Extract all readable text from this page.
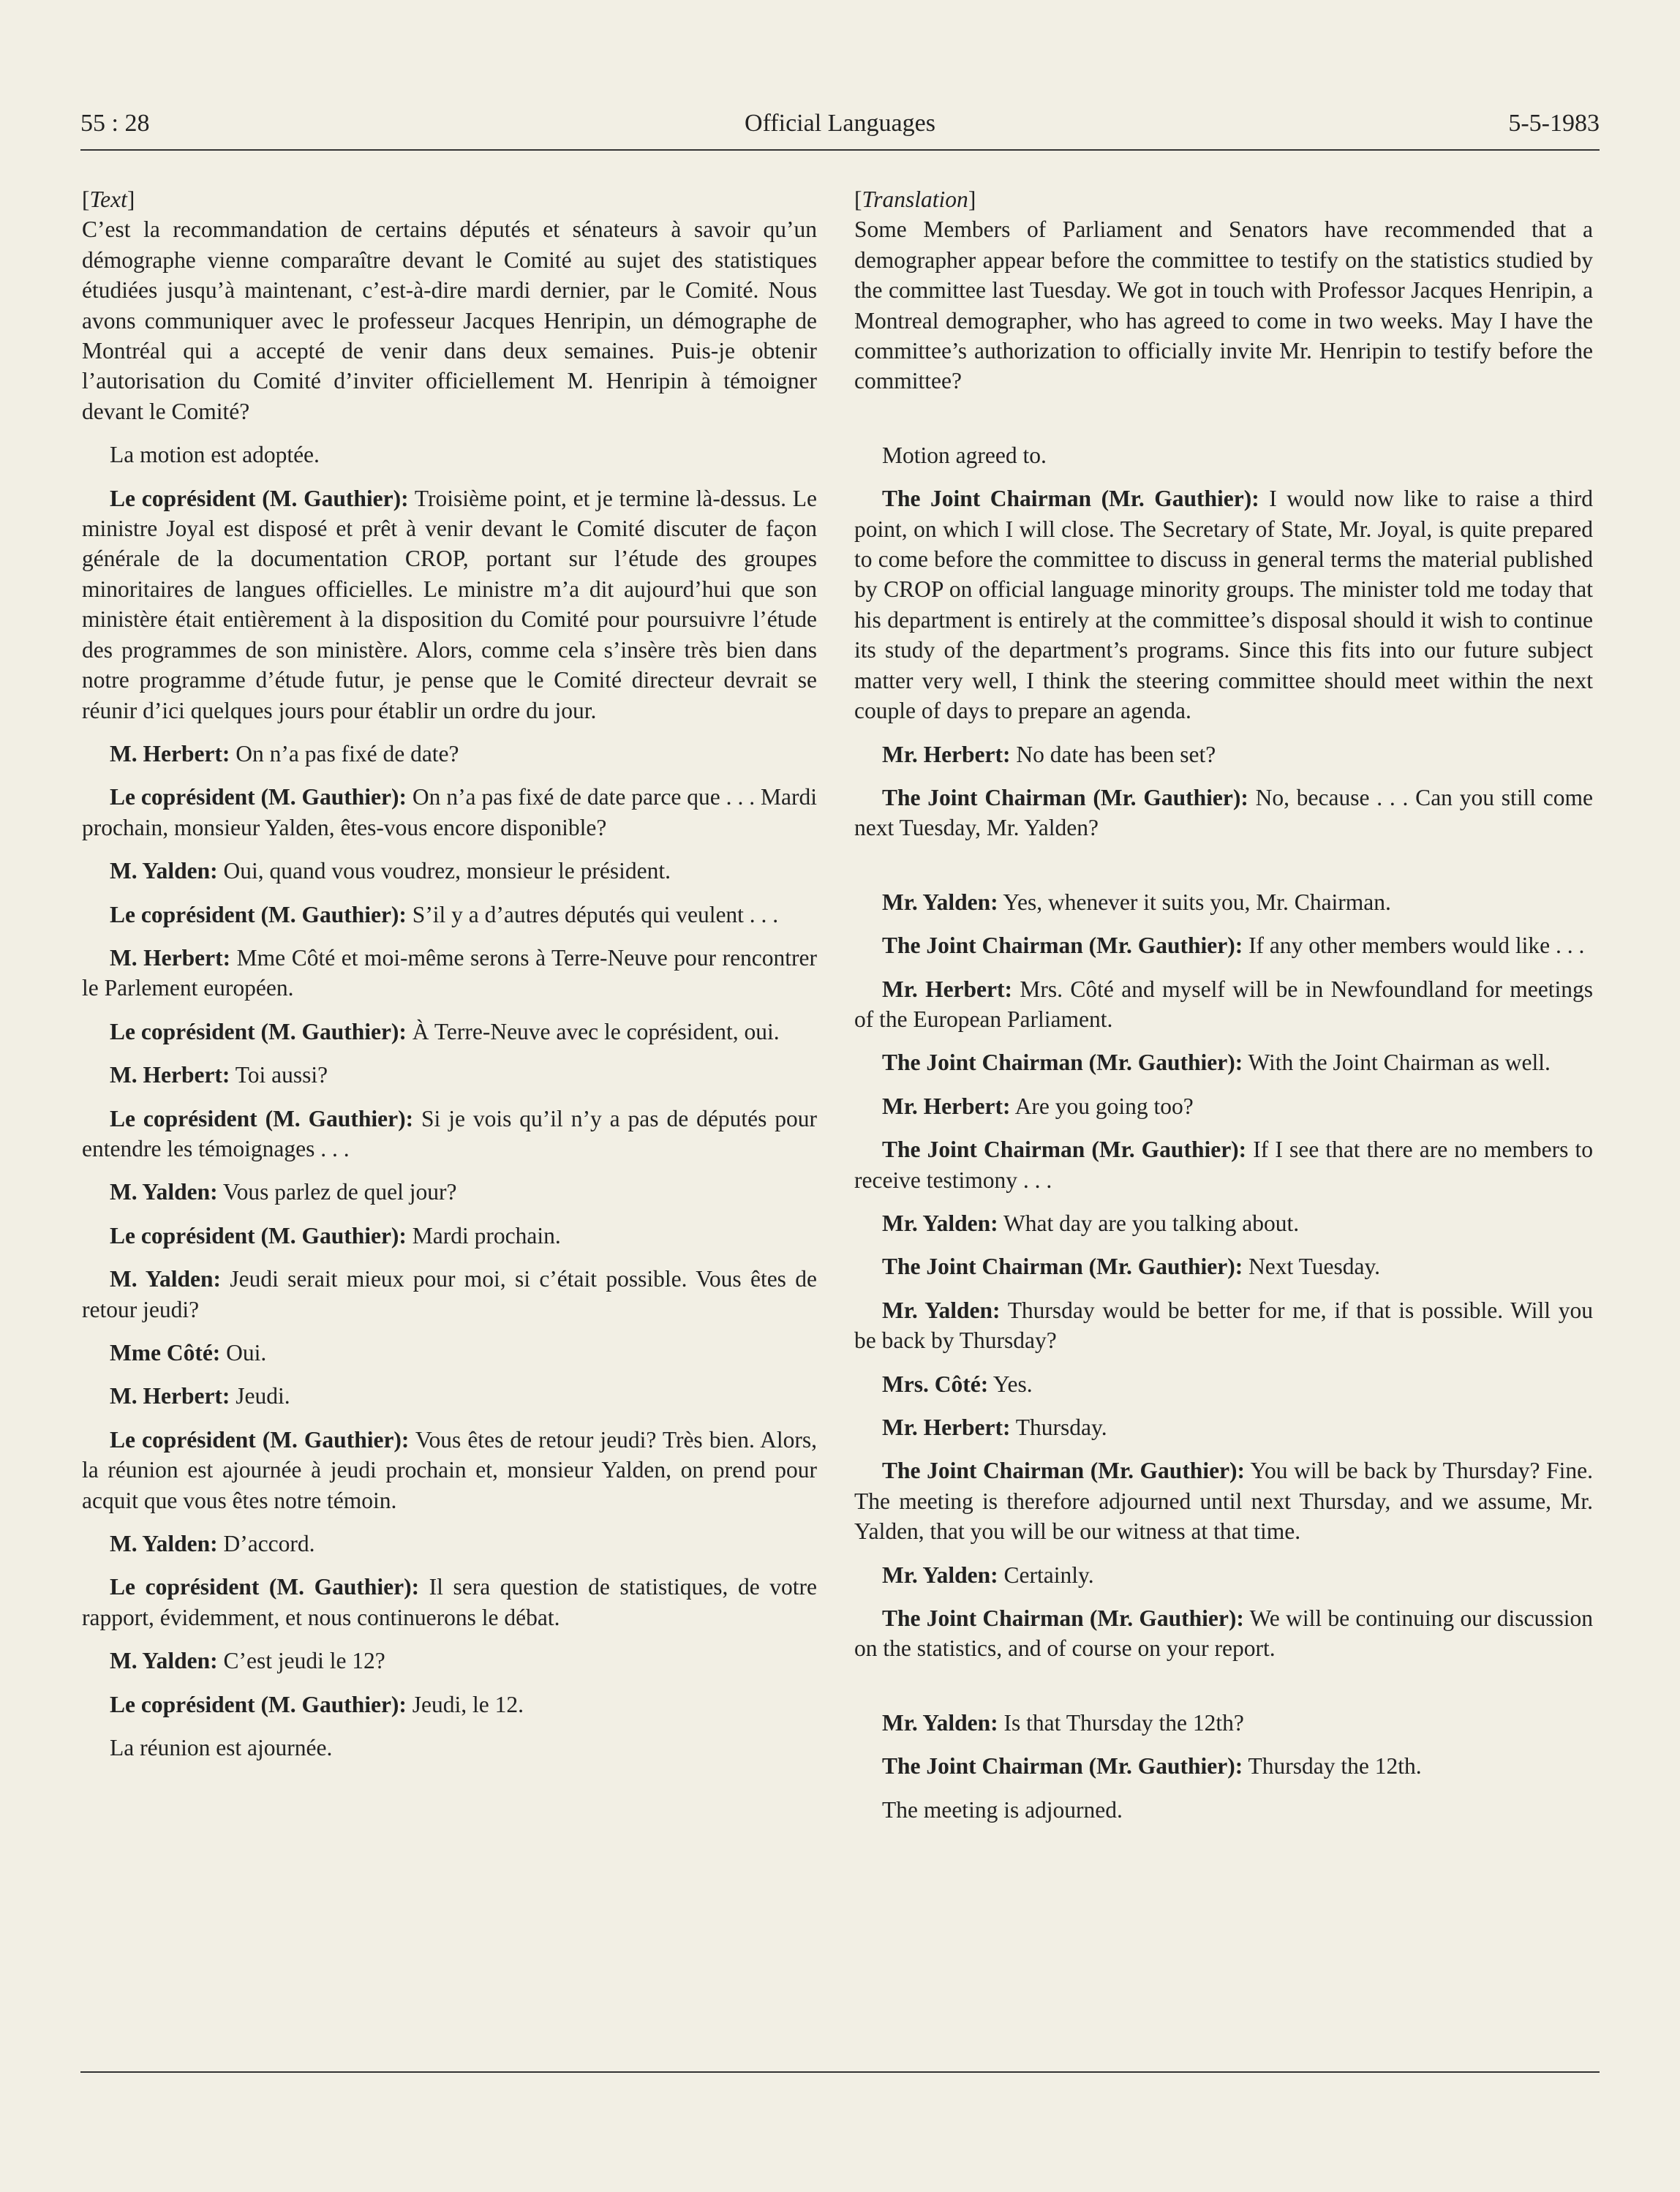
55 : 28	Official Languages	5-5-1983
[Text]

C’est la recommandation de certains députés et sénateurs à savoir qu’un démographe vienne comparaître devant le Comité au sujet des statistiques étudiées jusqu’à maintenant, c’est-à-dire mardi dernier, par le Comité. Nous avons communiquer avec le professeur Jacques Henripin, un démographe de Montréal qui a accepté de venir dans deux semaines. Puis-je obtenir l’autorisation du Comité d’inviter officiellement M. Henripin à témoigner devant le Comité?

La motion est adoptée.

Le coprésident (M. Gauthier): Troisième point, et je termine là-dessus. Le ministre Joyal est disposé et prêt à venir devant le Comité discuter de façon générale de la documentation CROP, portant sur l’étude des groupes minoritaires de langues officielles. Le ministre m’a dit aujourd’hui que son ministère était entièrement à la disposition du Comité pour poursuivre l’étude des programmes de son ministère. Alors, comme cela s’insère très bien dans notre programme d’étude futur, je pense que le Comité directeur devrait se réunir d’ici quelques jours pour établir un ordre du jour.

M. Herbert: On n’a pas fixé de date?

Le coprésident (M. Gauthier): On n’a pas fixé de date parce que . . . Mardi prochain, monsieur Yalden, êtes-vous encore disponible?

M. Yalden: Oui, quand vous voudrez, monsieur le président.

Le coprésident (M. Gauthier): S’il y a d’autres députés qui veulent . . .

M. Herbert: Mme Côté et moi-même serons à Terre-Neuve pour rencontrer le Parlement européen.

Le coprésident (M. Gauthier): À Terre-Neuve avec le coprésident, oui.

M. Herbert: Toi aussi?

Le coprésident (M. Gauthier): Si je vois qu’il n’y a pas de députés pour entendre les témoignages . . .

M. Yalden: Vous parlez de quel jour?

Le coprésident (M. Gauthier): Mardi prochain.

M. Yalden: Jeudi serait mieux pour moi, si c’était possible. Vous êtes de retour jeudi?

Mme Côté: Oui.

M. Herbert: Jeudi.

Le coprésident (M. Gauthier): Vous êtes de retour jeudi? Très bien. Alors, la réunion est ajournée à jeudi prochain et, monsieur Yalden, on prend pour acquit que vous êtes notre témoin.

M. Yalden: D’accord.

Le coprésident (M. Gauthier): Il sera question de statistiques, de votre rapport, évidemment, et nous continuerons le débat.

M. Yalden: C’est jeudi le 12?

Le coprésident (M. Gauthier): Jeudi, le 12.

La réunion est ajournée.

[Translation]

Some Members of Parliament and Senators have recommended that a demographer appear before the committee to testify on the statistics studied by the committee last Tuesday. We got in touch with Professor Jacques Henripin, a Montreal demographer, who has agreed to come in two weeks. May I have the committee’s authorization to officially invite Mr. Henripin to testify before the committee?

Motion agreed to.

The Joint Chairman (Mr. Gauthier): I would now like to raise a third point, on which I will close. The Secretary of State, Mr. Joyal, is quite prepared to come before the committee to discuss in general terms the material published by CROP on official language minority groups. The minister told me today that his department is entirely at the committee’s disposal should it wish to continue its study of the department’s programs. Since this fits into our future subject matter very well, I think the steering committee should meet within the next couple of days to prepare an agenda.

Mr. Herbert: No date has been set?

The Joint Chairman (Mr. Gauthier): No, because . . . Can you still come next Tuesday, Mr. Yalden?

Mr. Yalden: Yes, whenever it suits you, Mr. Chairman.

The Joint Chairman (Mr. Gauthier): If any other members would like . . .

Mr. Herbert: Mrs. Côté and myself will be in Newfoundland for meetings of the European Parliament.

The Joint Chairman (Mr. Gauthier): With the Joint Chairman as well.

Mr. Herbert: Are you going too?

The Joint Chairman (Mr. Gauthier): If I see that there are no members to receive testimony . . .

Mr. Yalden: What day are you talking about.

The Joint Chairman (Mr. Gauthier): Next Tuesday.

Mr. Yalden: Thursday would be better for me, if that is possible. Will you be back by Thursday?

Mrs. Côté: Yes.

Mr. Herbert: Thursday.

The Joint Chairman (Mr. Gauthier): You will be back by Thursday? Fine. The meeting is therefore adjourned until next Thursday, and we assume, Mr. Yalden, that you will be our witness at that time.

Mr. Yalden: Certainly.

The Joint Chairman (Mr. Gauthier): We will be continuing our discussion on the statistics, and of course on your report.

Mr. Yalden: Is that Thursday the 12th?

The Joint Chairman (Mr. Gauthier): Thursday the 12th.

The meeting is adjourned.
